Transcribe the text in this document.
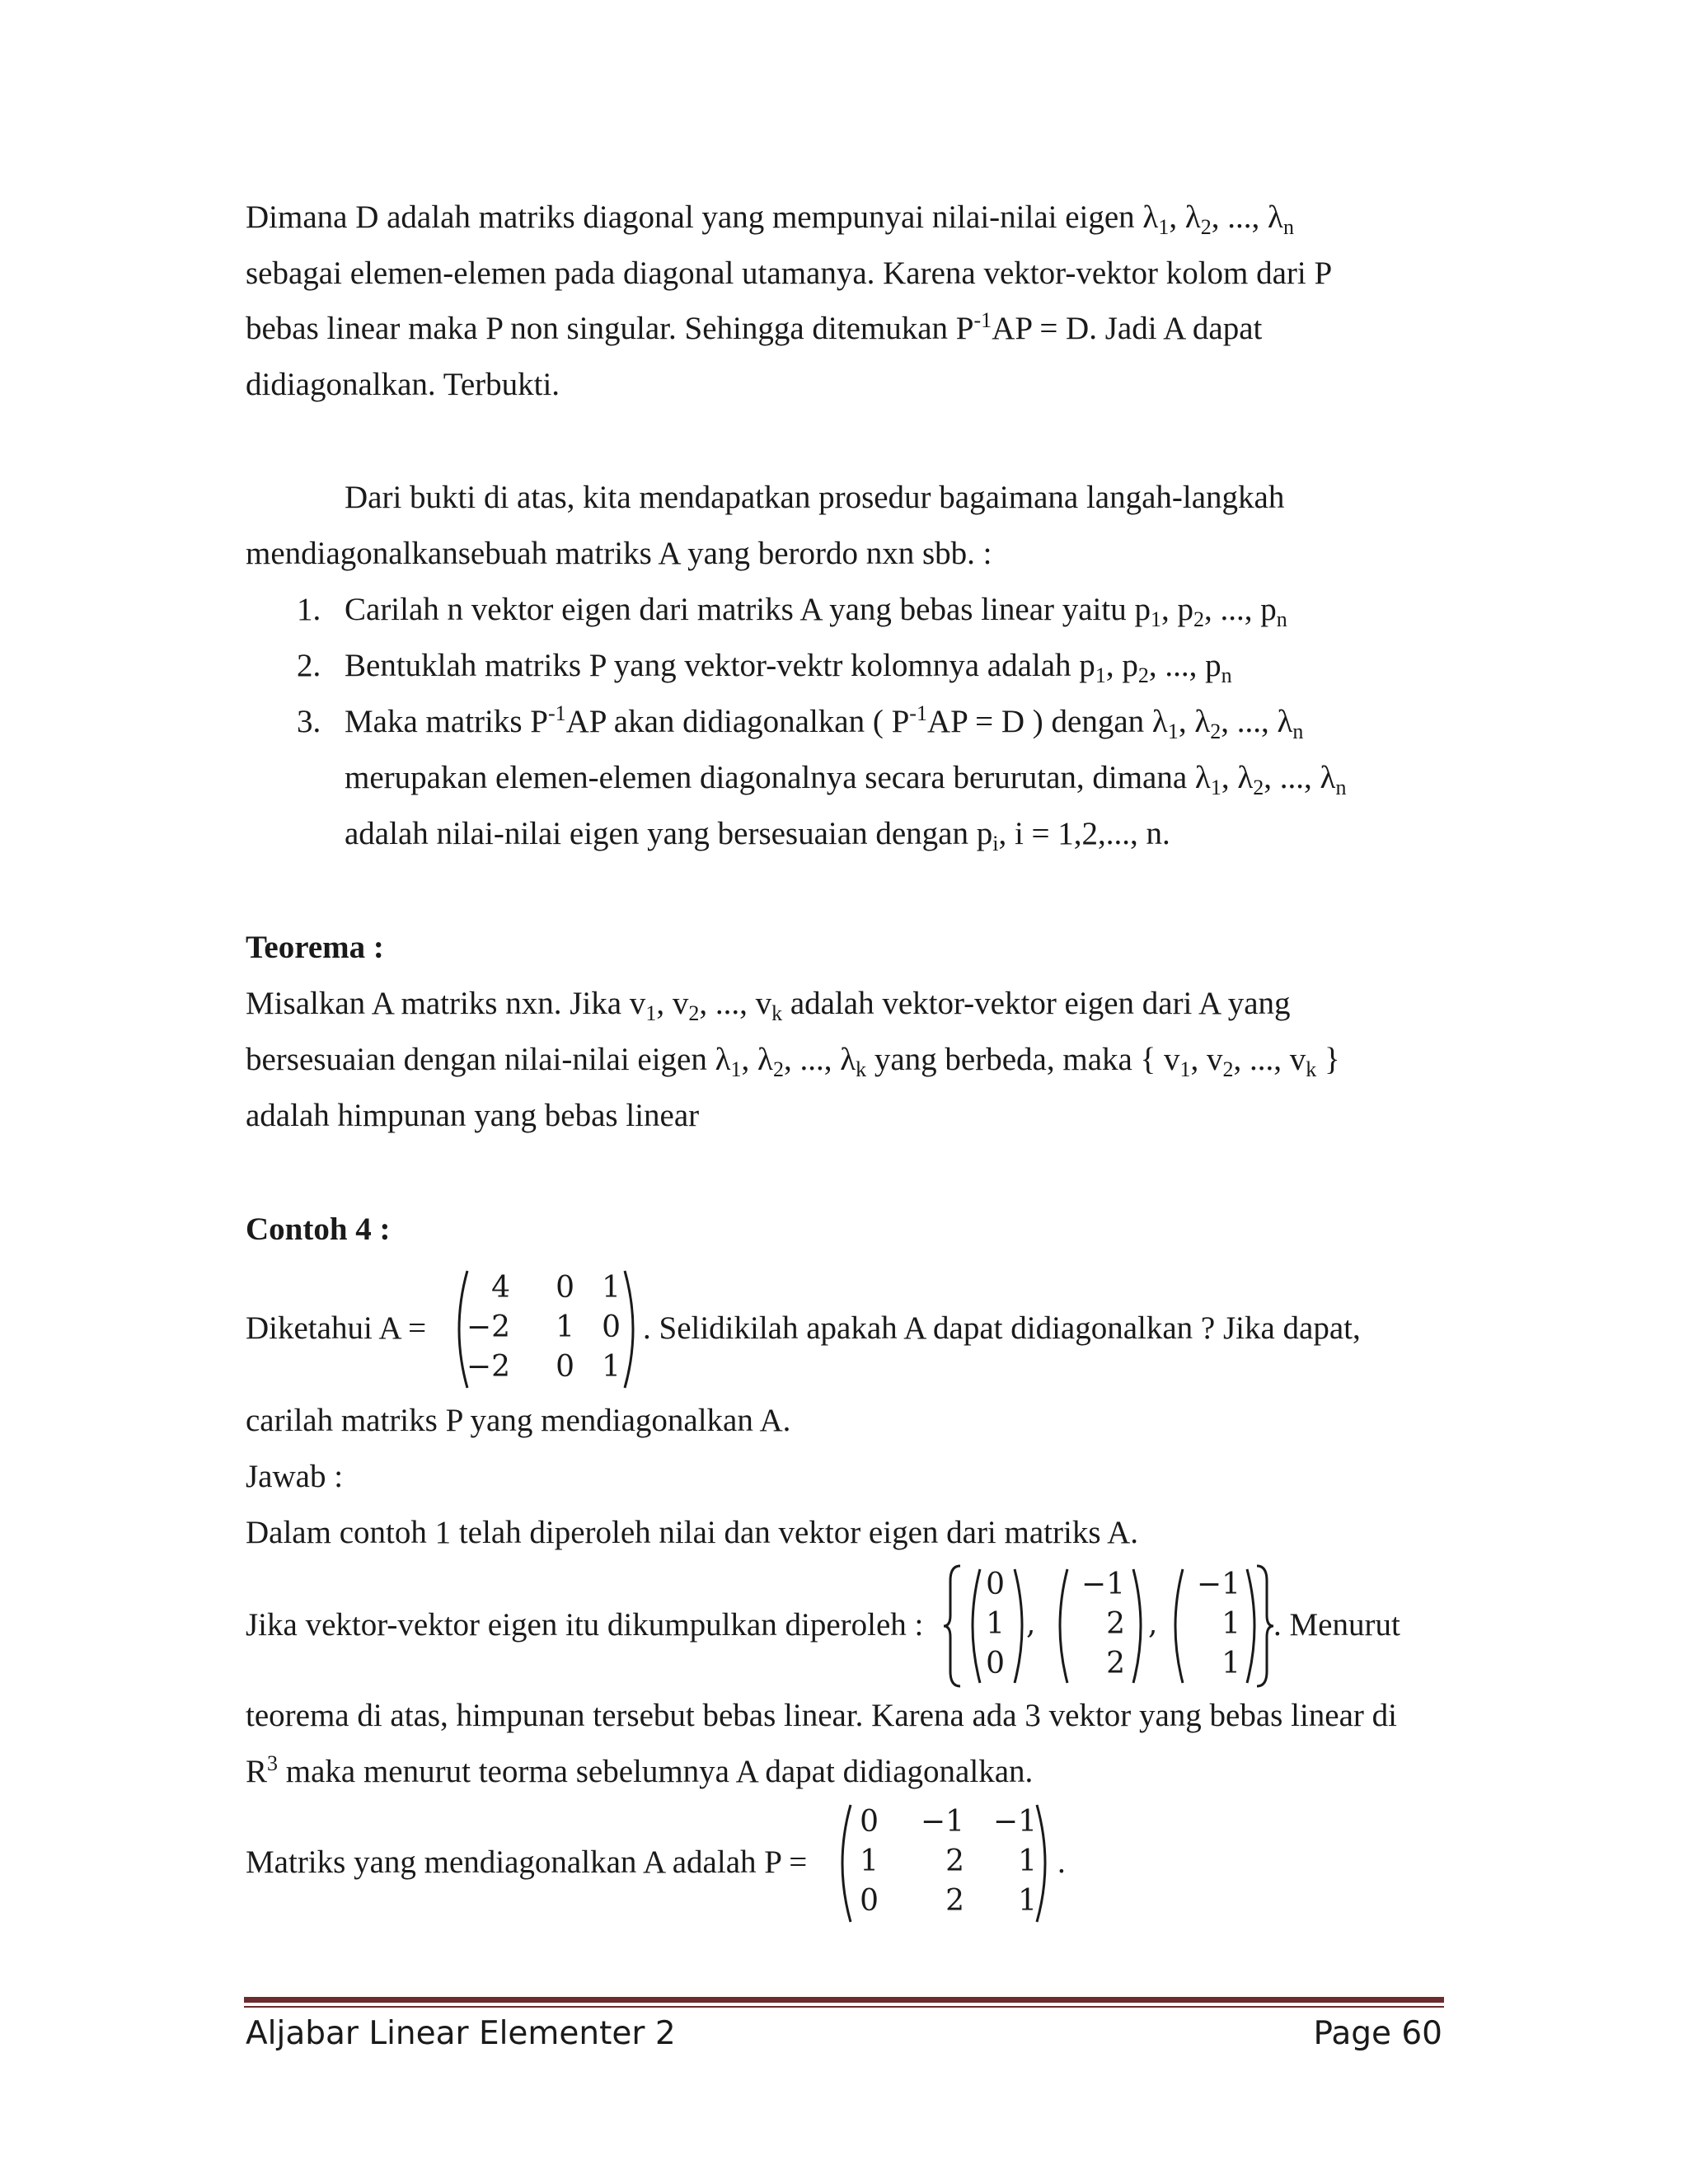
Dimana D adalah matriks diagonal yang mempunyai nilai-nilai eigen $\lambda_1$, $\lambda_2$, ..., $\lambda_n$
sebagai elemen-elemen pada diagonal utamanya. Karena vektor-vektor kolom dari P
bebas linear maka P non singular. Sehingga ditemukan $P^{-1}AP = D$. Jadi A dapat
didiagonalkan. Terbukti.
Dari bukti di atas, kita mendapatkan prosedur bagaimana langah-langkah
mendiagonalkansebuah matriks A yang berordo nxn sbb. :
1. Carilah n vektor eigen dari matriks A yang bebas linear yaitu $p_1$, $p_2$, ..., $p_n$
2. Bentuklah matriks P yang vektor-vektr kolomnya adalah $p_1$, $p_2$, ..., $p_n$
3. Maka matriks $P^{-1}AP$ akan didiagonalkan ( $P^{-1}AP = D$ ) dengan $\lambda_1$, $\lambda_2$, ..., $\lambda_n$
merupakan elemen-elemen diagonalnya secara berurutan, dimana $\lambda_1$, $\lambda_2$, ..., $\lambda_n$
adalah nilai-nilai eigen yang bersesuaian dengan $p_i$, i = 1,2,..., n.
Teorema :
Misalkan A matriks nxn. Jika $v_1$, $v_2$, ..., $v_k$ adalah vektor-vektor eigen dari A yang
bersesuaian dengan nilai-nilai eigen $\lambda_1$, $\lambda_2$, ..., $\lambda_k$ yang berbeda, maka { $v_1$, $v_2$, ..., $v_k$ }
adalah himpunan yang bebas linear
Contoh 4 :
Diketahui A =
4	0 1
−2	1 0
−2	0 1
. Selidikilah apakah A dapat didiagonalkan ? Jika dapat,
carilah matriks P yang mendiagonalkan A.
Jawab :
Dalam contoh 1 telah diperoleh nilai dan vektor eigen dari matriks A.
Jika vektor-vektor eigen itu dikumpulkan diperoleh :
0
1
0
,
−1
2
2
,
−1
1
1
. Menurut
teorema di atas, himpunan tersebut bebas linear. Karena ada 3 vektor yang bebas linear di
$R^3$ maka menurut teorma sebelumnya A dapat didiagonalkan.
Matriks yang mendiagonalkan A adalah P =
0 −1 −1
1	2	1
0	2	1
.
Aljabar Linear Elementer 2	Page 60
